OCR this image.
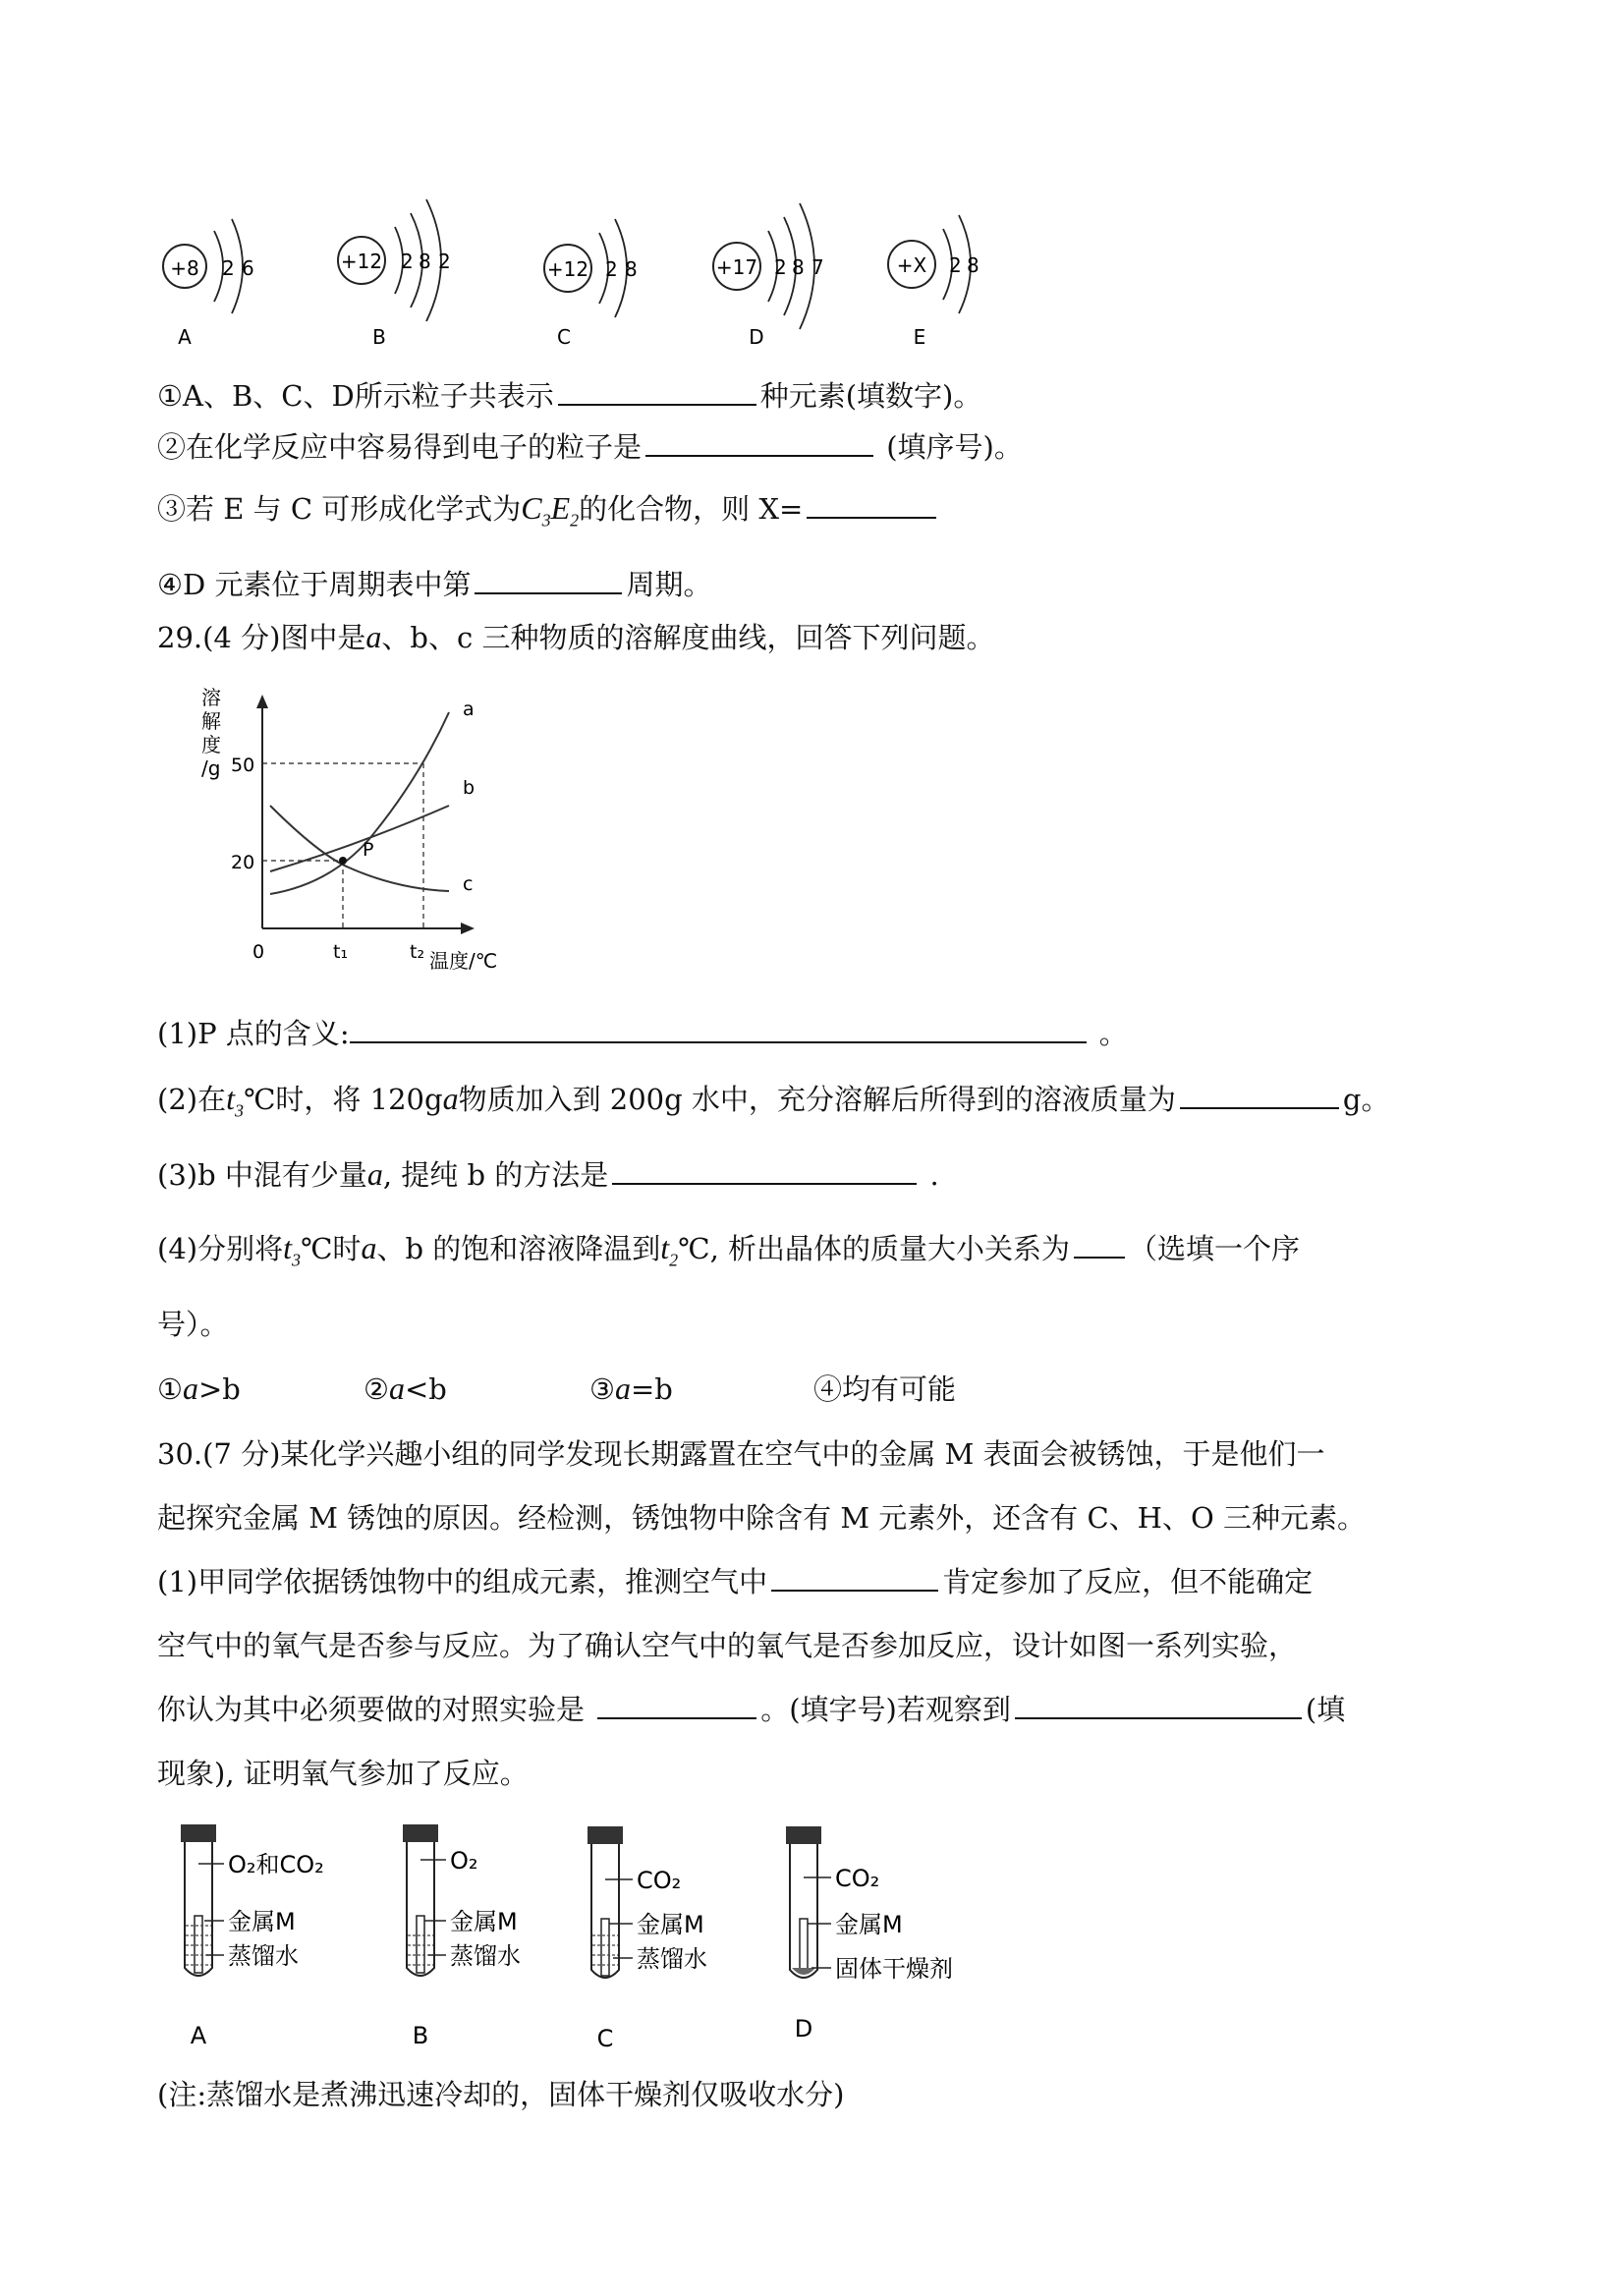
+8 2 6
A
+12 2 8 2
B
+12 2 8
C
+17 2 8 7
D
+X 2 8
E
①A、B、C、D所示粒子共表示	种元素(填数字)。
②在化学反应中容易得到电子的粒子是	(填序号)。
③若 E 与 C 可形成化学式为$C_3E_2$的化合物，则 X=
④D 元素位于周期表中第	周期。
29.(4 分)图中是a、b、c 三种物质的溶解度曲线，回答下列问题。
溶
解
度
/g 50
20
0	t₁	t₂ 温度/℃
a
b
c
P
(1)P 点的含义:	。
(2)在$t_3℃$时，将 120ga物质加入到 200g 水中，充分溶解后所得到的溶液质量为	g。
(3)b 中混有少量a, 提纯 b 的方法是	.
(4)分别将$t_3℃$时a、b 的饱和溶液降温到$t_2℃$, 析出晶体的质量大小关系为 （选填一个序
号）。
①a>b	②a<b	③a=b	④均有可能
30.(7 分)某化学兴趣小组的同学发现长期露置在空气中的金属 M 表面会被锈蚀，于是他们一
起探究金属 M 锈蚀的原因。经检测，锈蚀物中除含有 M 元素外，还含有 C、H、O 三种元素。
(1)甲同学依据锈蚀物中的组成元素，推测空气中	肯定参加了反应，但不能确定
空气中的氧气是否参与反应。为了确认空气中的氧气是否参加反应，设计如图一系列实验，
你认为其中必须要做的对照实验是	。(填字号)若观察到	(填
现象), 证明氧气参加了反应。
O₂和CO₂
金属M
蒸馏水
A
O₂
金属M
蒸馏水
B
CO₂
金属M
蒸馏水
C
CO₂
金属M
固体干燥剂
D
(注:蒸馏水是煮沸迅速冷却的，固体干燥剂仅吸收水分)
